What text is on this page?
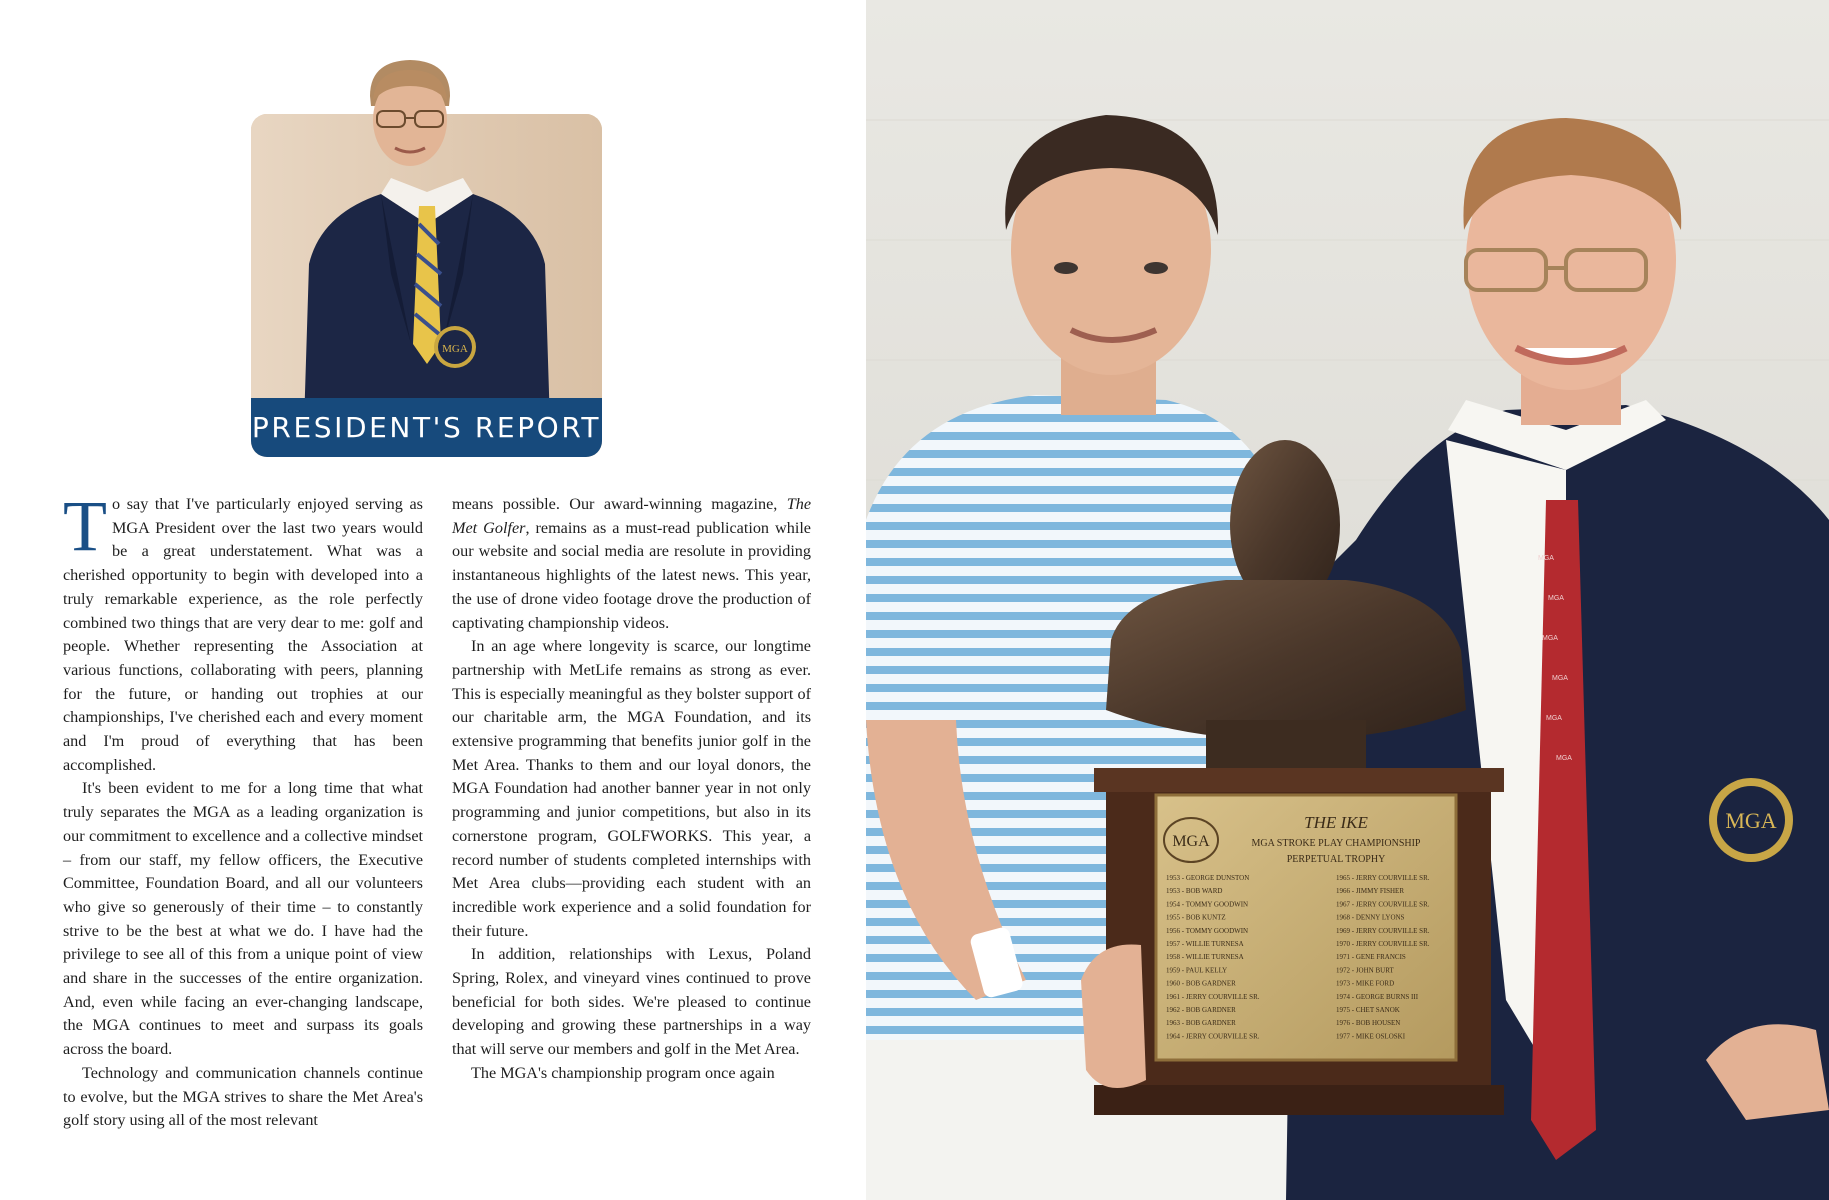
MGA
PRESIDENT'S REPORT

To say that I've particularly enjoyed serving as MGA President over the last two years would be a great understatement. What was a cherished opportunity to begin with developed into a truly remarkable experience, as the role perfectly combined two things that are very dear to me: golf and people. Whether representing the Association at various functions, collaborating with peers, planning for the future, or handing out trophies at our championships, I've cherished each and every moment and I'm proud of everything that has been accomplished.

It's been evident to me for a long time that what truly separates the MGA as a leading organization is our commitment to excellence and a collective mindset – from our staff, my fellow officers, the Executive Committee, Foundation Board, and all our volunteers who give so generously of their time – to constantly strive to be the best at what we do. I have had the privilege to see all of this from a unique point of view and share in the successes of the entire organization. And, even while facing an ever-changing landscape, the MGA continues to meet and surpass its goals across the board.

Technology and communication channels continue to evolve, but the MGA strives to share the Met Area's golf story using all of the most relevant

means possible. Our award-winning magazine, The Met Golfer, remains as a must-read publication while our website and social media are resolute in providing instantaneous highlights of the latest news. This year, the use of drone video footage drove the production of captivating championship videos.

In an age where longevity is scarce, our longtime partnership with MetLife remains as strong as ever. This is especially meaningful as they bolster support of our charitable arm, the MGA Foundation, and its extensive programming that benefits junior golf in the Met Area. Thanks to them and our loyal donors, the MGA Foundation had another banner year in not only programming and junior competitions, but also in its cornerstone program, GOLFWORKS. This year, a record number of students completed internships with Met Area clubs—providing each student with an incredible work experience and a solid foundation for their future.

In addition, relationships with Lexus, Poland Spring, Rolex, and vineyard vines continued to prove beneficial for both sides. We're pleased to continue developing and growing these partnerships in a way that will serve our members and golf in the Met Area.

The MGA's championship program once again

MGA
MGA
MGA
MGA
MGA
MGA
MGA
MGA
THE IKE
MGA STROKE PLAY CHAMPIONSHIP
PERPETUAL TROPHY
1953 - GEORGE DUNSTON
1953 - BOB WARD
1954 - TOMMY GOODWIN
1955 - BOB KUNTZ
1956 - TOMMY GOODWIN
1957 - WILLIE TURNESA
1958 - WILLIE TURNESA
1959 - PAUL KELLY
1960 - BOB GARDNER
1961 - JERRY COURVILLE SR.
1962 - BOB GARDNER
1963 - BOB GARDNER
1964 - JERRY COURVILLE SR.
1965 - JERRY COURVILLE SR.
1966 - JIMMY FISHER
1967 - JERRY COURVILLE SR.
1968 - DENNY LYONS
1969 - JERRY COURVILLE SR.
1970 - JERRY COURVILLE SR.
1971 - GENE FRANCIS
1972 - JOHN BURT
1973 - MIKE FORD
1974 - GEORGE BURNS III
1975 - CHET SANOK
1976 - BOB HOUSEN
1977 - MIKE OSLOSKI
